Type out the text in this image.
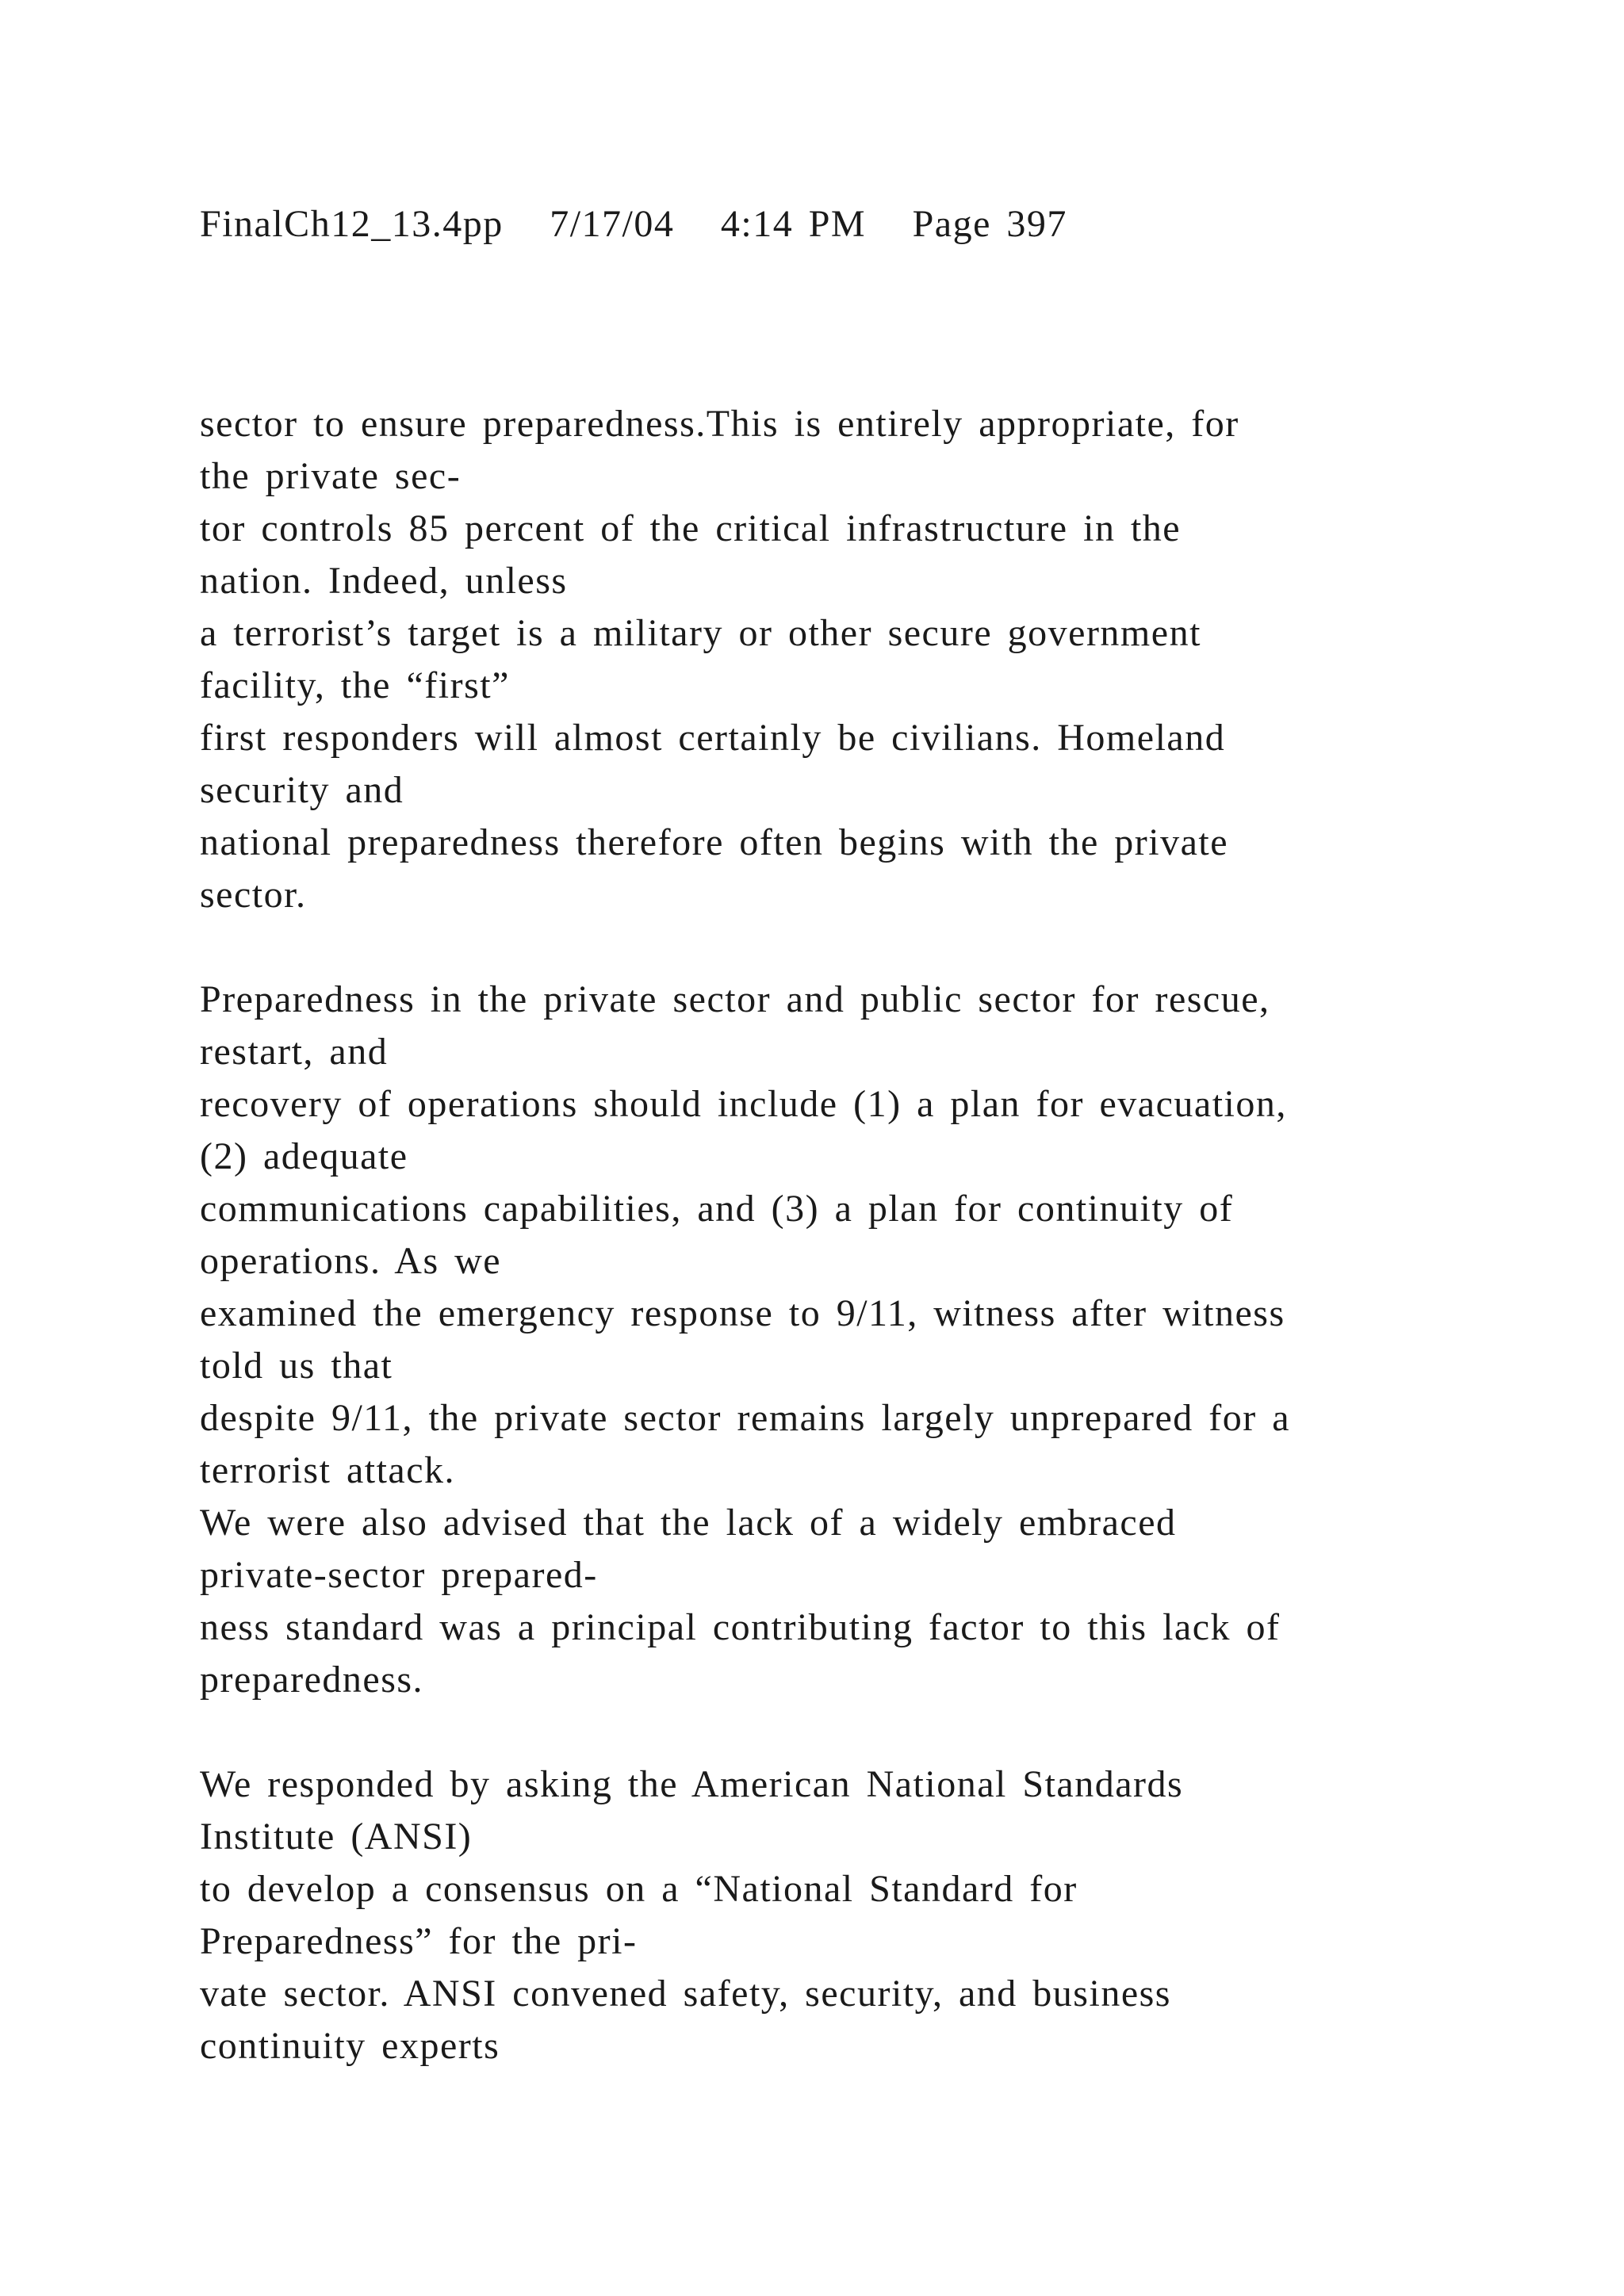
FinalCh12_13.4pp   7/17/04   4:14 PM   Page 397

sector to ensure preparedness.This is entirely appropriate, for
the private sec-
tor controls 85 percent of the critical infrastructure in the
nation. Indeed, unless
a terrorist’s target is a military or other secure government
facility, the “first”
first responders will almost certainly be civilians. Homeland
security and
national preparedness therefore often begins with the private
sector.
Preparedness in the private sector and public sector for rescue,
restart, and
recovery of operations should include (1) a plan for evacuation,
(2) adequate
communications capabilities, and (3) a plan for continuity of
operations. As we
examined the emergency response to 9/11, witness after witness
told us that
despite 9/11, the private sector remains largely unprepared for a
terrorist attack.
We were also advised that the lack of a widely embraced
private-sector prepared-
ness standard was a principal contributing factor to this lack of
preparedness.
We responded by asking the American National Standards
Institute (ANSI)
to develop a consensus on a “National Standard for
Preparedness” for the pri-
vate sector. ANSI convened safety, security, and business
continuity experts
